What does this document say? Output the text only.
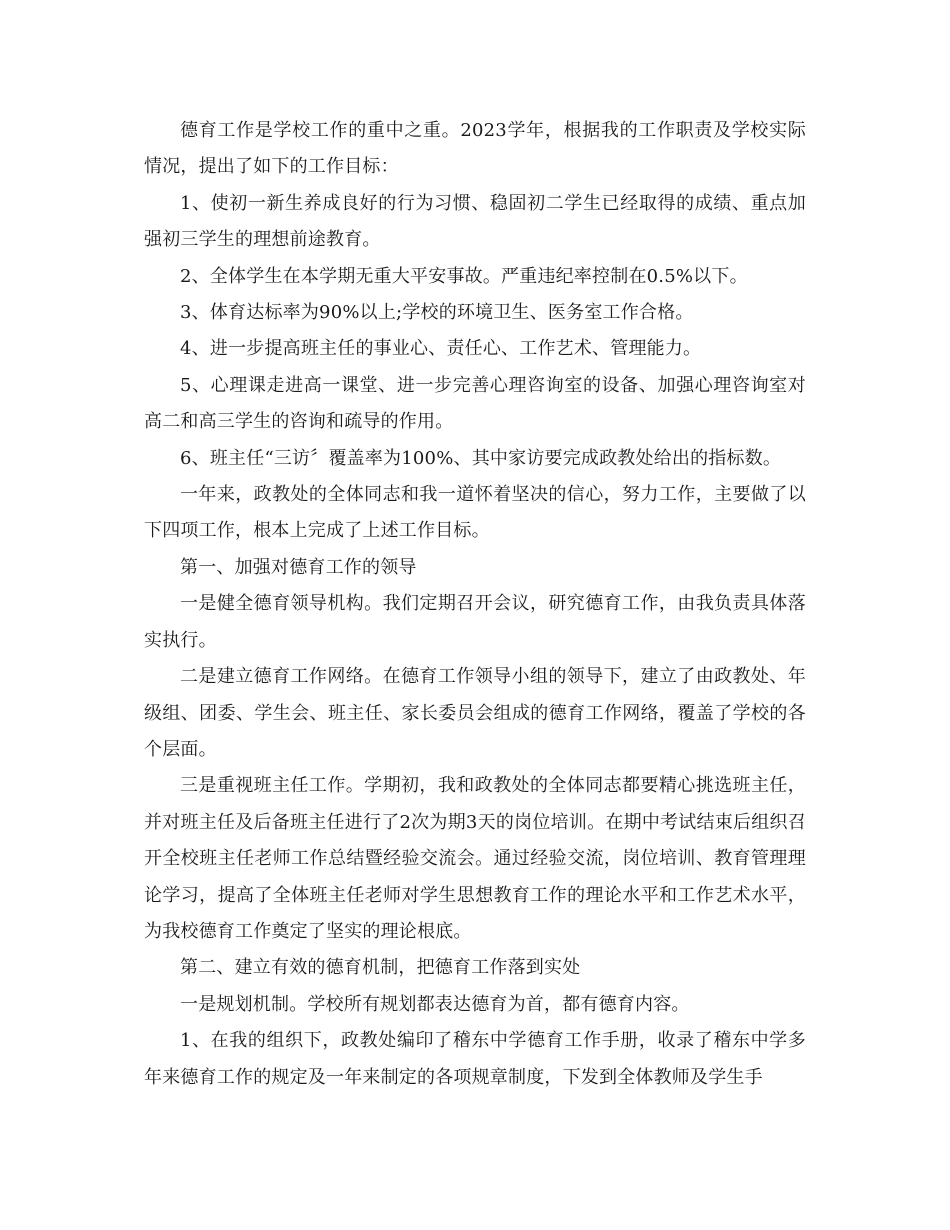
德育工作是学校工作的重中之重。2023学年，根据我的工作职责及学校实际情况，提出了如下的工作目标：

1、使初一新生养成良好的行为习惯、稳固初二学生已经取得的成绩、重点加强初三学生的理想前途教育。

2、全体学生在本学期无重大平安事故。严重违纪率控制在0.5%以下。

3、体育达标率为90%以上;学校的环境卫生、医务室工作合格。

4、进一步提高班主任的事业心、责任心、工作艺术、管理能力。

5、心理课走进高一课堂、进一步完善心理咨询室的设备、加强心理咨询室对高二和高三学生的咨询和疏导的作用。

6、班主任“三访〞覆盖率为100%、其中家访要完成政教处给出的指标数。

一年来，政教处的全体同志和我一道怀着坚决的信心，努力工作，主要做了以下四项工作，根本上完成了上述工作目标。

第一、加强对德育工作的领导

一是健全德育领导机构。我们定期召开会议，研究德育工作，由我负责具体落实执行。

二是建立德育工作网络。在德育工作领导小组的领导下，建立了由政教处、年级组、团委、学生会、班主任、家长委员会组成的德育工作网络，覆盖了学校的各个层面。

三是重视班主任工作。学期初，我和政教处的全体同志都要精心挑选班主任，并对班主任及后备班主任进行了2次为期3天的岗位培训。在期中考试结束后组织召开全校班主任老师工作总结暨经验交流会。通过经验交流，岗位培训、教育管理理论学习，提高了全体班主任老师对学生思想教育工作的理论水平和工作艺术水平，为我校德育工作奠定了坚实的理论根底。

第二、建立有效的德育机制，把德育工作落到实处

一是规划机制。学校所有规划都表达德育为首，都有德育内容。

1、在我的组织下，政教处编印了稽东中学德育工作手册，收录了稽东中学多年来德育工作的规定及一年来制定的各项规章制度，下发到全体教师及学生手
